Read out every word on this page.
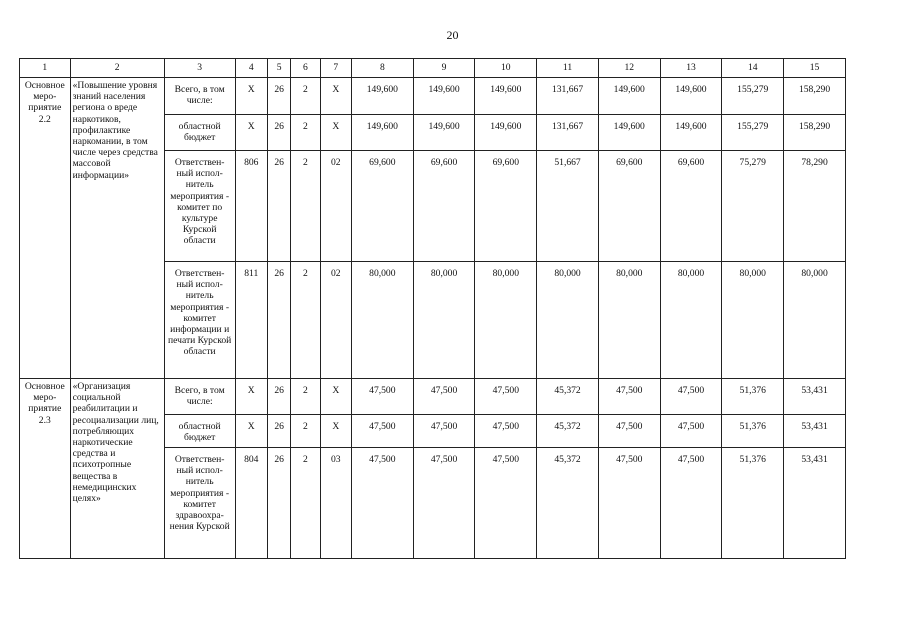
20
1	2	3	4	5	6	7	8	9	10	11	12	13	14	15
Основное меро-приятие 2.2	«Повышение уровня знаний населения региона о вреде наркотиков, профилактике наркомании, в том числе через средства массовой информации»	Всего, в том числе:	X	26	2	X	149,600	149,600	149,600	131,667	149,600	149,600	155,279	158,290
		областной бюджет	X	26	2	X	149,600	149,600	149,600	131,667	149,600	149,600	155,279	158,290
		Ответствен-ный испол-нитель мероприятия - комитет по культуре Курской области	806	26	2	02	69,600	69,600	69,600	51,667	69,600	69,600	75,279	78,290
		Ответствен-ный испол-нитель мероприятия - комитет информации и печати Курской области	811	26	2	02	80,000	80,000	80,000	80,000	80,000	80,000	80,000	80,000
Основное меро-приятие 2.3	«Организация социальной реабилитации и ресоциализации лиц, потребляющих наркотические средства и психотропные вещества в немедицинских целях»	Всего, в том числе:	X	26	2	X	47,500	47,500	47,500	45,372	47,500	47,500	51,376	53,431
		областной бюджет	X	26	2	X	47,500	47,500	47,500	45,372	47,500	47,500	51,376	53,431
		Ответствен-ный испол-нитель мероприятия - комитет здравоохра-нения Курской	804	26	2	03	47,500	47,500	47,500	45,372	47,500	47,500	51,376	53,431
